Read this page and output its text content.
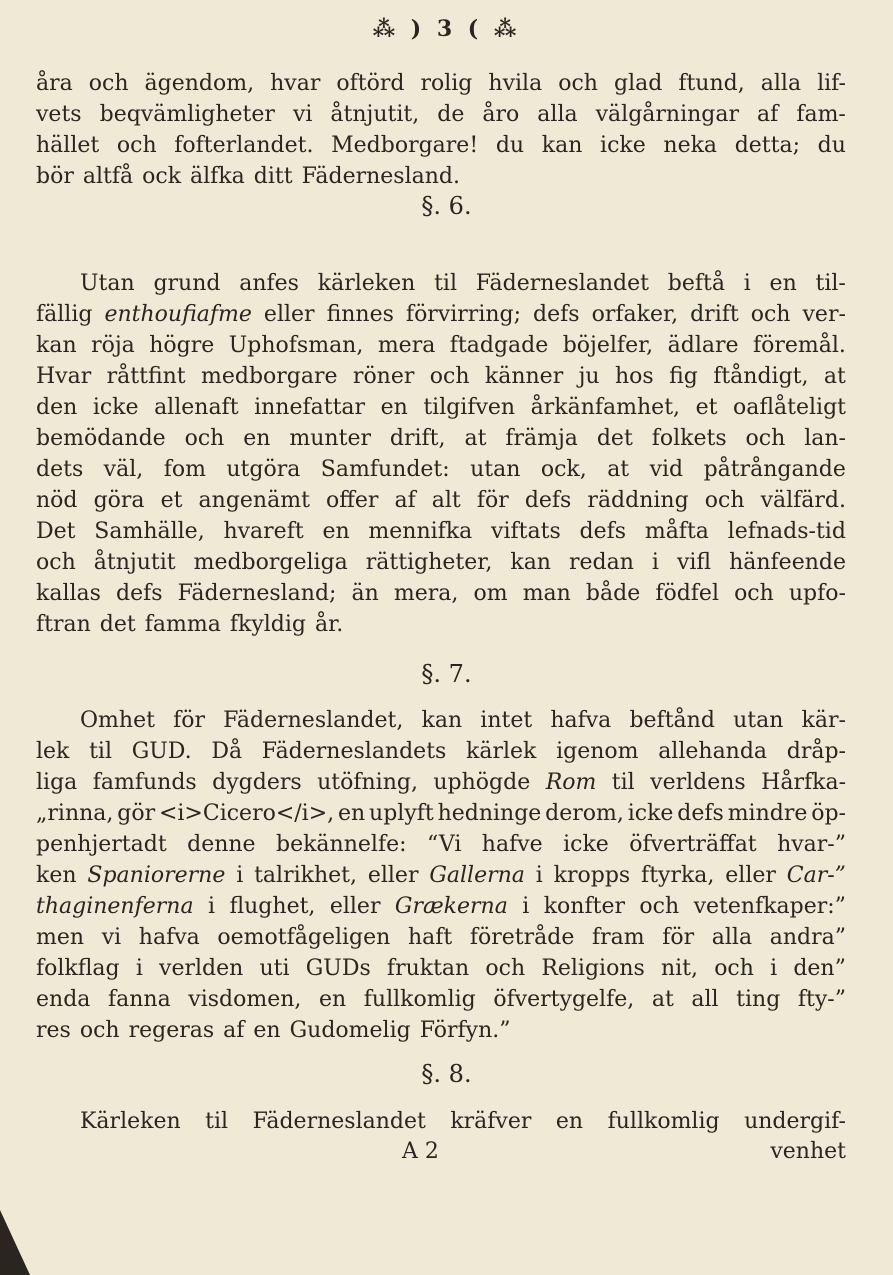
⁂ ) 3 ( ⁂
åra och ägendom, hvar oftörd rolig hvila och glad ftund, alla lif-
vets beqvämligheter vi åtnjutit, de åro alla välgårningar af fam-
hället och fofterlandet. Medborgare! du kan icke neka detta; du
bör altfå ock älfka ditt Fädernesland.
§. 6.
Utan grund anfes kärleken til Fäderneslandet beftå i en til-
fällig enthoufiafme eller finnes förvirring; defs orfaker, drift och ver-
kan röja högre Uphofsman, mera ftadgade böjelfer, ädlare föremål.
Hvar råttfint medborgare röner och känner ju hos fig ftåndigt, at
den icke allenaft innefattar en tilgifven årkänfamhet, et oaflåteligt
bemödande och en munter drift, at främja det folkets och lan-
dets väl, fom utgöra Samfundet: utan ock, at vid påtrångande
nöd göra et angenämt offer af alt för defs räddning och välfärd.
Det Samhälle, hvareft en mennifka viftats defs måfta lefnads-tid
och åtnjutit medborgeliga rättigheter, kan redan i vifl hänfeende
kallas defs Fädernesland; än mera, om man både födfel och upfo-
ftran det famma fkyldig år.
§. 7.
Omhet för Fäderneslandet, kan intet hafva beftånd utan kär-
lek til GUD. Då Fäderneslandets kärlek igenom allehanda dråp-
liga famfunds dygders utöfning, uphögde Rom til verldens Hårfka-
„rinna, gör <i>Cicero</i>, en uplyft hedninge derom, icke defs mindre öp-
penhjertadt denne bekännelfe: “Vi hafve icke öfverträffat hvar-”
ken Spaniorerne i talrikhet, eller Gallerna i kropps ftyrka, eller Car-”
thaginenferna i flughet, eller Grækerna i konfter och vetenfkaper:”
men vi hafva oemotfågeligen haft företråde fram för alla andra”
folkflag i verlden uti GUDs fruktan och Religions nit, och i den”
enda fanna visdomen, en fullkomlig öfvertygelfe, at all ting fty-”
res och regeras af en Gudomelig Förfyn.”
§. 8.
Kärleken til Fäderneslandet kräfver en fullkomlig undergif-
A 2	venhet
